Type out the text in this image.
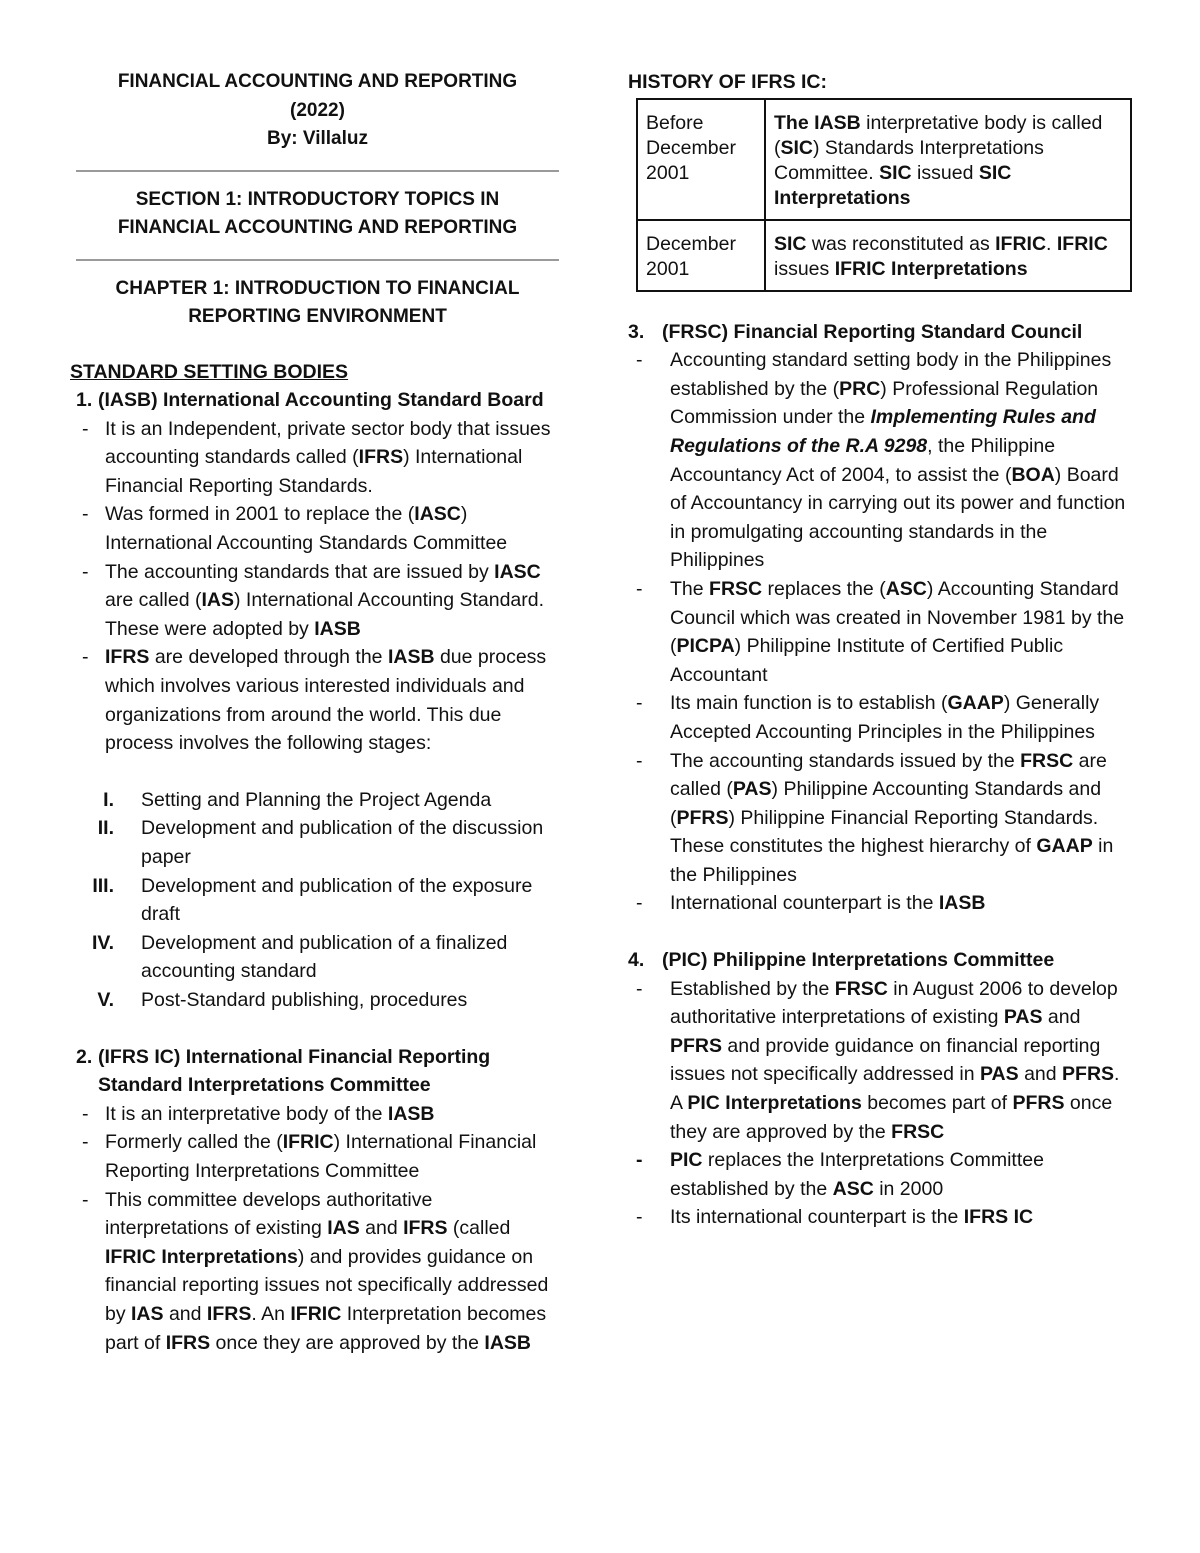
FINANCIAL ACCOUNTING AND REPORTING
(2022)
By: Villaluz
SECTION 1: INTRODUCTORY TOPICS IN
FINANCIAL ACCOUNTING AND REPORTING
CHAPTER 1: INTRODUCTION TO FINANCIAL
REPORTING ENVIRONMENT
STANDARD SETTING BODIES
1. (IASB) International Accounting Standard Board
- It is an Independent, private sector body that issues accounting standards called (IFRS) International Financial Reporting Standards.
- Was formed in 2001 to replace the (IASC) International Accounting Standards Committee
- The accounting standards that are issued by IASC are called (IAS) International Accounting Standard. These were adopted by IASB
- IFRS are developed through the IASB due process which involves various interested individuals and organizations from around the world. This due process involves the following stages:
I.	Setting and Planning the Project Agenda
II.	Development and publication of the discussion paper
III.	Development and publication of the exposure draft
IV.	Development and publication of a finalized accounting standard
V.	Post-Standard publishing, procedures
2. (IFRS IC) International Financial Reporting Standard Interpretations Committee
- It is an interpretative body of the IASB
- Formerly called the (IFRIC) International Financial Reporting Interpretations Committee
- This committee develops authoritative interpretations of existing IAS and IFRS (called IFRIC Interpretations) and provides guidance on financial reporting issues not specifically addressed by IAS and IFRS. An IFRIC Interpretation becomes part of IFRS once they are approved by the IASB
HISTORY OF IFRS IC:
Before December 2001	The IASB interpretative body is called (SIC) Standards Interpretations Committee. SIC issued SIC Interpretations
December 2001	SIC was reconstituted as IFRIC. IFRIC issues IFRIC Interpretations
3. (FRSC) Financial Reporting Standard Council
-	Accounting standard setting body in the Philippines established by the (PRC) Professional Regulation Commission under the Implementing Rules and Regulations of the R.A 9298, the Philippine Accountancy Act of 2004, to assist the (BOA) Board of Accountancy in carrying out its power and function in promulgating accounting standards in the Philippines
-	The FRSC replaces the (ASC) Accounting Standard Council which was created in November 1981 by the (PICPA) Philippine Institute of Certified Public Accountant
-	Its main function is to establish (GAAP) Generally Accepted Accounting Principles in the Philippines
-	The accounting standards issued by the FRSC are called (PAS) Philippine Accounting Standards and (PFRS) Philippine Financial Reporting Standards. These constitutes the highest hierarchy of GAAP in the Philippines
-	International counterpart is the IASB
4. (PIC) Philippine Interpretations Committee
-	Established by the FRSC in August 2006 to develop authoritative interpretations of existing PAS and PFRS and provide guidance on financial reporting issues not specifically addressed in PAS and PFRS. A PIC Interpretations becomes part of PFRS once they are approved by the FRSC
-	PIC replaces the Interpretations Committee established by the ASC in 2000
-	Its international counterpart is the IFRS IC
